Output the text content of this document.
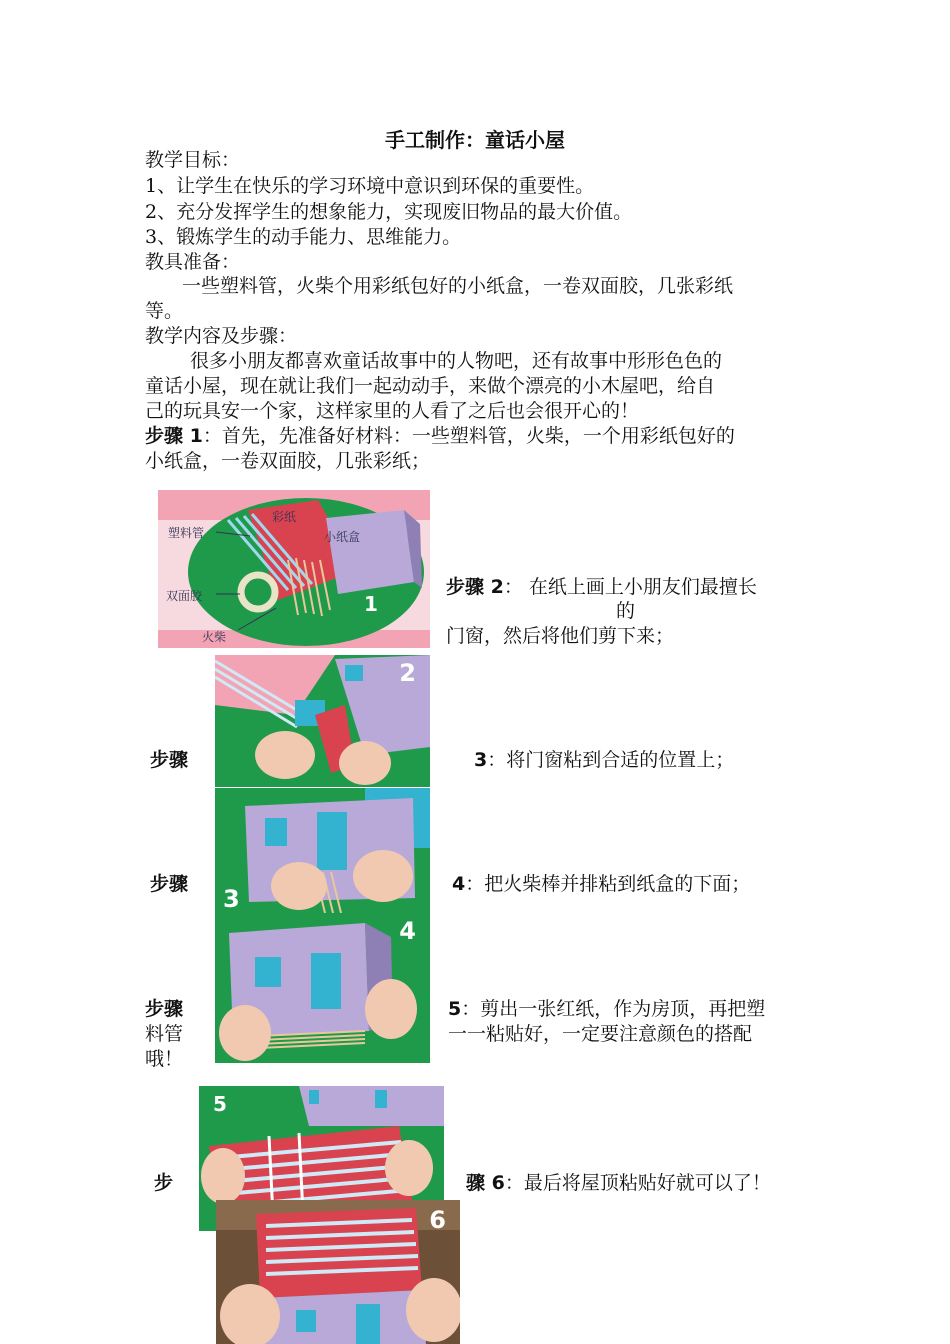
手工制作：童话小屋
教学目标：
1、让学生在快乐的学习环境中意识到环保的重要性。
2、充分发挥学生的想象能力，实现废旧物品的最大价值。
3、锻炼学生的动手能力、思维能力。
教具准备：
一些塑料管，火柴个用彩纸包好的小纸盒，一卷双面胶，几张彩纸
等。
教学内容及步骤：
很多小朋友都喜欢童话故事中的人物吧，还有故事中形形色色的
童话小屋，现在就让我们一起动动手，来做个漂亮的小木屋吧，给自
己的玩具安一个家，这样家里的人看了之后也会很开心的！
步骤 1：首先，先准备好材料：一些塑料管，火柴，一个用彩纸包好的
小纸盒，一卷双面胶，几张彩纸；
塑料管
彩纸
小纸盒
双面胶
火柴
1
步骤 2： 在纸上画上小朋友们最擅长
的
门窗，然后将他们剪下来；
2
步骤	3：将门窗粘到合适的位置上；
3
步骤	4：把火柴棒并排粘到纸盒的下面；
4
步骤	5：剪出一张红纸，作为房顶，再把塑
料管	一一粘贴好，一定要注意颜色的搭配
哦！
5
步	骤 6：最后将屋顶粘贴好就可以了！
6
